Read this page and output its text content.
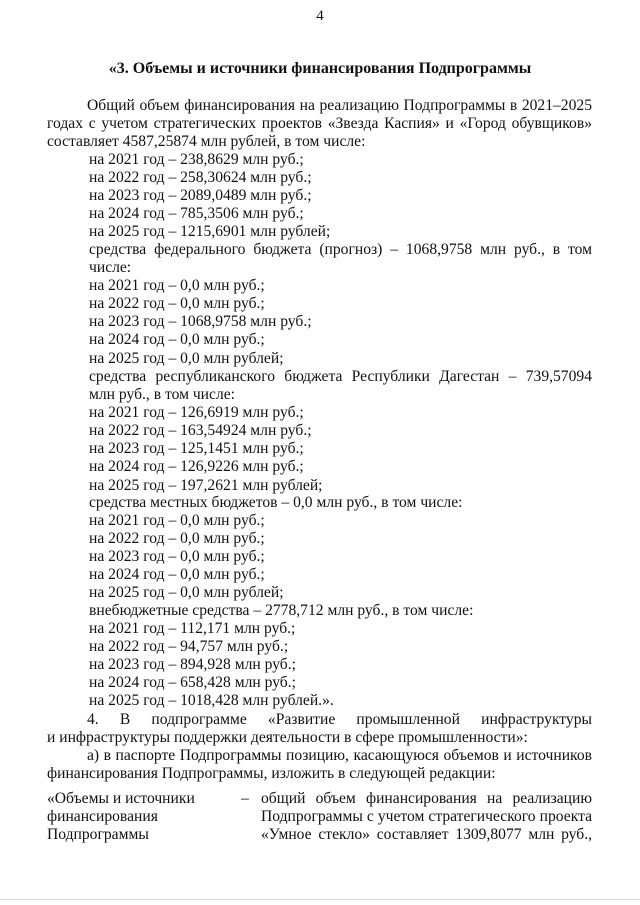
4
«3. Объемы и источники финансирования Подпрограммы
Общий объем финансирования на реализацию Подпрограммы в 2021–2025
годах с учетом стратегических проектов «Звезда Каспия» и «Город обувщиков»
составляет 4587,25874 млн рублей, в том числе:
на 2021 год – 238,8629 млн руб.;
на 2022 год – 258,30624 млн руб.;
на 2023 год – 2089,0489 млн руб.;
на 2024 год – 785,3506 млн руб.;
на 2025 год – 1215,6901 млн рублей;
средства федерального бюджета (прогноз) – 1068,9758 млн руб., в том
числе:
на 2021 год – 0,0 млн руб.;
на 2022 год – 0,0 млн руб.;
на 2023 год – 1068,9758 млн руб.;
на 2024 год – 0,0 млн руб.;
на 2025 год – 0,0 млн рублей;
средства республиканского бюджета Республики Дагестан – 739,57094
млн руб., в том числе:
на 2021 год – 126,6919 млн руб.;
на 2022 год – 163,54924 млн руб.;
на 2023 год – 125,1451 млн руб.;
на 2024 год – 126,9226 млн руб.;
на 2025 год – 197,2621 млн рублей;
средства местных бюджетов – 0,0 млн руб., в том числе:
на 2021 год – 0,0 млн руб.;
на 2022 год – 0,0 млн руб.;
на 2023 год – 0,0 млн руб.;
на 2024 год – 0,0 млн руб.;
на 2025 год – 0,0 млн рублей;
внебюджетные средства – 2778,712 млн руб., в том числе:
на 2021 год – 112,171 млн руб.;
на 2022 год – 94,757 млн руб.;
на 2023 год – 894,928 млн руб.;
на 2024 год – 658,428 млн руб.;
на 2025 год – 1018,428 млн рублей.».
4.    В    подпрограмме    «Развитие    промышленной    инфраструктуры
и инфраструктуры поддержки деятельности в сфере промышленности»:
а) в паспорте Подпрограммы позицию, касающуюся объемов и источников
финансирования Подпрограммы, изложить в следующей редакции:
«Объемы и источники
финансирования
Подпрограммы
– общий объем финансирования на реализацию
Подпрограммы с учетом стратегического проекта
«Умное стекло» составляет 1309,8077 млн руб.,
